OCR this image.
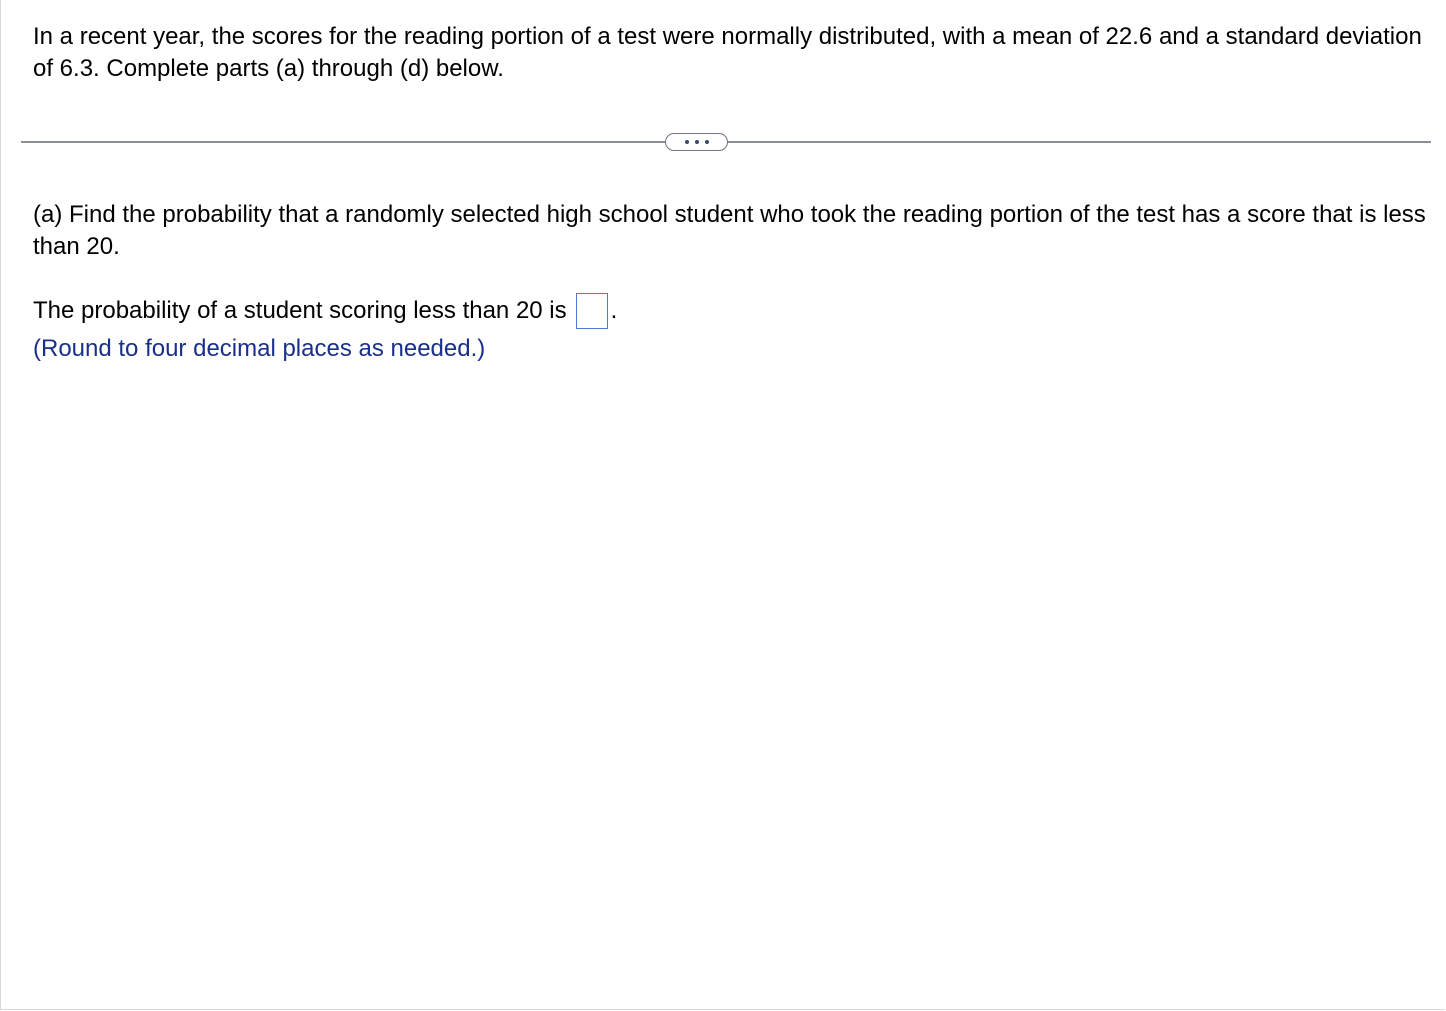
In a recent year, the scores for the reading portion of a test were normally distributed, with a mean of 22.6 and a standard deviation of 6.3. Complete parts (a) through (d) below.

(a) Find the probability that a randomly selected high school student who took the reading portion of the test has a score that is less than 20.

The probability of a student scoring less than 20 is .

(Round to four decimal places as needed.)
